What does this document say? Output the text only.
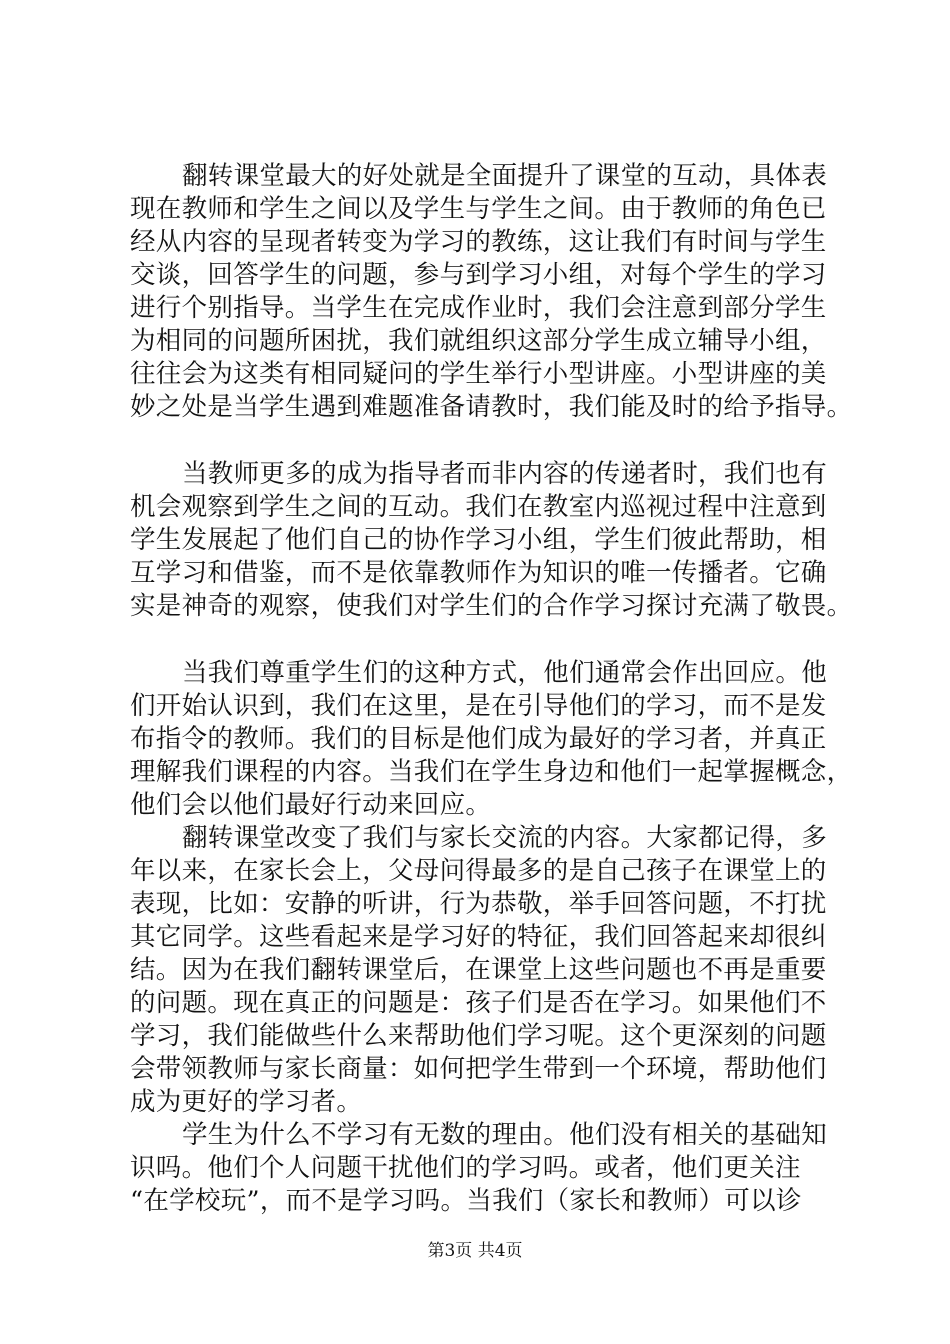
翻转课堂最大的好处就是全面提升了课堂的互动，具体表
现在教师和学生之间以及学生与学生之间。由于教师的角色已
经从内容的呈现者转变为学习的教练，这让我们有时间与学生
交谈，回答学生的问题，参与到学习小组，对每个学生的学习
进行个别指导。当学生在完成作业时，我们会注意到部分学生
为相同的问题所困扰，我们就组织这部分学生成立辅导小组，
往往会为这类有相同疑问的学生举行小型讲座。小型讲座的美
妙之处是当学生遇到难题准备请教时，我们能及时的给予指导。
当教师更多的成为指导者而非内容的传递者时，我们也有
机会观察到学生之间的互动。我们在教室内巡视过程中注意到
学生发展起了他们自己的协作学习小组，学生们彼此帮助，相
互学习和借鉴，而不是依靠教师作为知识的唯一传播者。它确
实是神奇的观察，使我们对学生们的合作学习探讨充满了敬畏。
当我们尊重学生们的这种方式，他们通常会作出回应。他
们开始认识到，我们在这里，是在引导他们的学习，而不是发
布指令的教师。我们的目标是他们成为最好的学习者，并真正
理解我们课程的内容。当我们在学生身边和他们一起掌握概念，
他们会以他们最好行动来回应。
翻转课堂改变了我们与家长交流的内容。大家都记得，多
年以来，在家长会上，父母问得最多的是自己孩子在课堂上的
表现，比如：安静的听讲，行为恭敬，举手回答问题，不打扰
其它同学。这些看起来是学习好的特征，我们回答起来却很纠
结。因为在我们翻转课堂后，在课堂上这些问题也不再是重要
的问题。现在真正的问题是：孩子们是否在学习。如果他们不
学习，我们能做些什么来帮助他们学习呢。这个更深刻的问题
会带领教师与家长商量：如何把学生带到一个环境，帮助他们
成为更好的学习者。
学生为什么不学习有无数的理由。他们没有相关的基础知
识吗。他们个人问题干扰他们的学习吗。或者，他们更关注
“在学校玩”，而不是学习吗。当我们（家长和教师）可以诊
第3页 共4页
